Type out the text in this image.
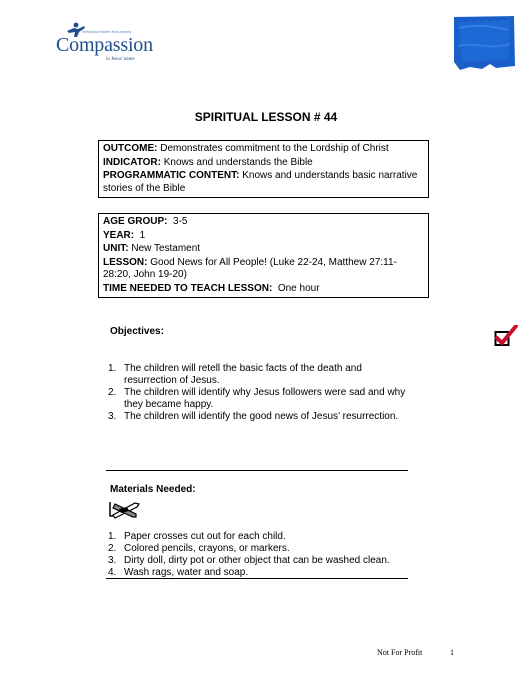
Releasing children from poverty
Compassion
in Jesus' name
SPIRITUAL LESSON # 44
OUTCOME: Demonstrates commitment to the Lordship of Christ
INDICATOR: Knows and understands the Bible
PROGRAMMATIC CONTENT: Knows and understands basic narrative stories of the Bible
AGE GROUP:  3-5
YEAR:  1
UNIT: New Testament
LESSON: Good News for All People! (Luke 22-24, Matthew 27:11-28:20, John 19-20)
TIME NEEDED TO TEACH LESSON:  One hour
Objectives:
1. The children will retell the basic facts of the death and resurrection of Jesus.
2. The children will identify why Jesus followers were sad and why they became happy.
3. The children will identify the good news of Jesus’ resurrection.
Materials Needed:
1. Paper crosses cut out for each child.
2. Colored pencils, crayons, or markers.
3. Dirty doll, dirty pot or other object that can be washed clean.
4. Wash rags, water and soap.
Not For Profit	1
